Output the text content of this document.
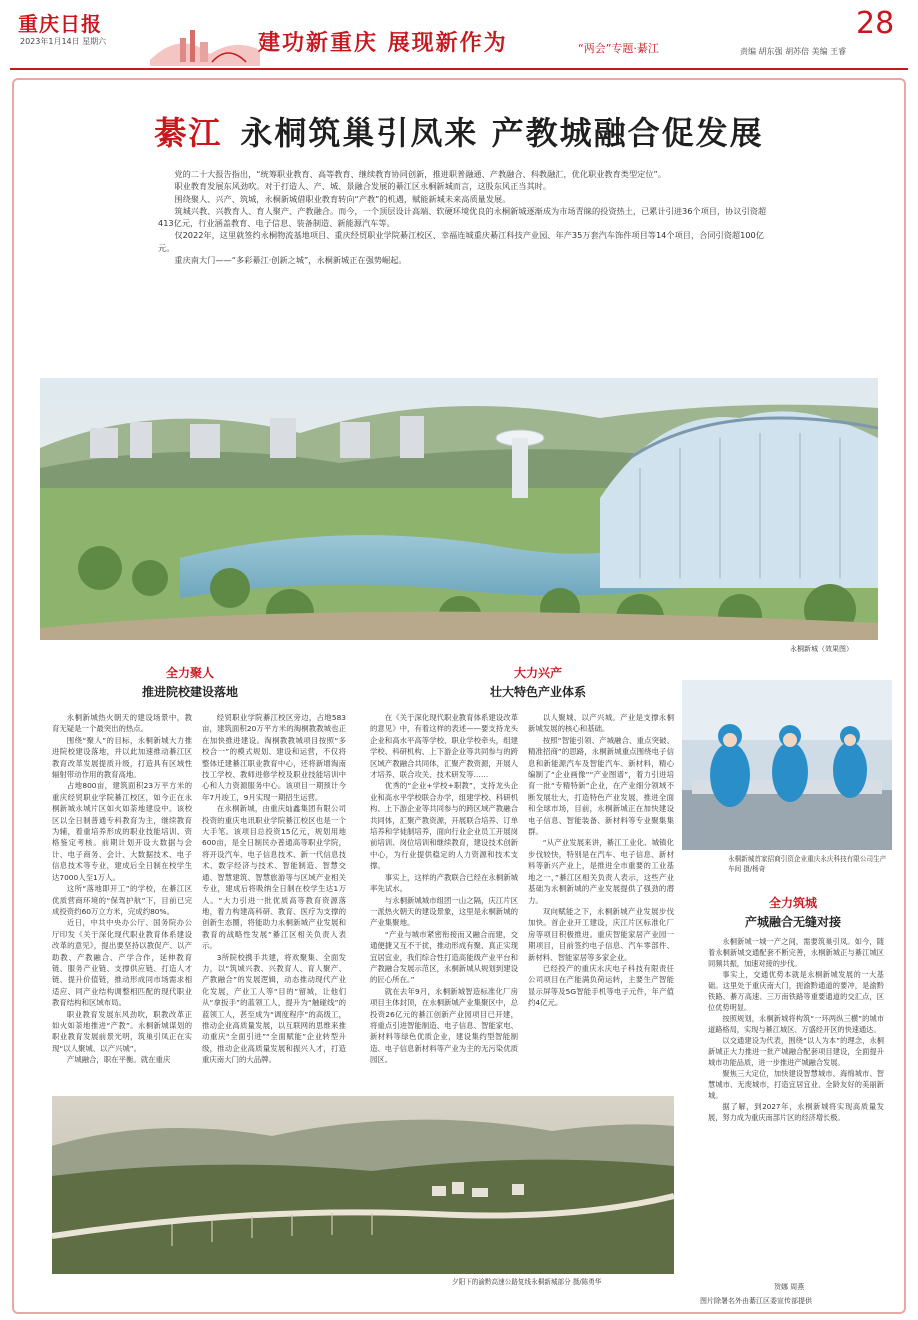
重庆日报
2023年1月14日 星期六	建功新重庆 展现新作为	“两会”专题·綦江
28
责编 胡东强 胡苏倍 美编 王睿
綦江 永桐筑巢引凤来 产教城融合促发展

党的二十大报告指出，“统筹职业教育、高等教育、继续教育协同创新，推进职普融通、产教融合、科教融汇，优化职业教育类型定位”。

职业教育发展东风劲吹。对于打造人、产、城、景融合发展的綦江区永桐新城而言，这股东风正当其时。

围绕聚人、兴产、筑城，永桐新城借职业教育转向“产教”的机遇，赋能新城未来高质量发展。

筑城兴教、兴教育人、育人聚产、产教融合。而今，一个顶层设计高端、软硬环境优良的永桐新城逐渐成为市场青睐的投资热土，已累计引进36个项目，协议引资超413亿元，行业涵盖教育、电子信息、装备制造、新能源汽车等。

仅2022年，这里就签约永桐物流基地项目、重庆经贸职业学院綦江校区、幸福连城重庆綦江科技产业园、年产35万套汽车饰件项目等14个项目，合同引资超100亿元。

重庆南大门——“多彩綦江·创新之城”，永桐新城正在强势崛起。

永桐新城（效果图）
全力聚人
推进院校建设落地
大力兴产
壮大特色产业体系
全力筑城
产城融合无缝对接

永桐新城热火朝天的建设场景中，教育无疑是一个最突出的热点。

围绕“聚人”的目标，永桐新城大力推进院校建设落地，并以此加速推动綦江区教育改革发展提质升级，打造具有区域性辐射带动作用的教育高地。

占地800亩，建筑面积23万平方米的重庆经贸职业学院綦江校区，如今正在永桐新城永城片区如火如荼地建设中。该校区以全日制普通专科教育为主，继续教育为辅，着重培养形成的职业技能培训、资格鉴定考核。前期计划开设大数据与会计、电子商务、会计、大数据技术、电子信息技术等专业，建成后全日制在校学生达7000人至1万人。

这所“落地即开工”的学校，在綦江区优质营商环境的“保驾护航”下，目前已完成投资约60万立方米，完成约80%。

近日，中共中央办公厅、国务院办公厅印发《关于深化现代职业教育体系建设改革的意见》，提出要坚持以教促产、以产助教、产教融合、产学合作，延伸教育链、服务产业链、支撑供应链、打造人才链、提升价值链，推动形成同市场需求相适应、同产业结构调整相匹配的现代职业教育结构和区域布局。

职业教育发展东风劲吹，职教改革正如火如荼地推进“产教”。永桐新城谋划的职业教育发展前景光明，筑巢引凤正在实现“以人聚城、以产兴城”。

产城融合，职在平衡。就在重庆

经贸职业学院綦江校区旁边，占地583亩，建筑面积20万平方米的淘桐教教城也正在加快推进建设。淘桐教教城项目按照“多校合一”的模式规划、建设和运营，不仅将整体迁建綦江职业教育中心，还将新增淘南技工学校、教师进修学校及职业技能培训中心和人力资源服务中心。该项目一期预计今年7月竣工，9月实现一期招生运营。

在永桐新城，由重庆灿鑫集团有限公司投资的重庆电讯职业学院綦江校区也是一个大手笔。该项目总投资15亿元，规划用地600亩，是全日制民办普通高等职业学院，将开设汽车、电子信息技术、新一代信息技术、数字经济与技术、智能制造、智慧交通、智慧建筑、智慧旅游等与区域产业相关专业，建成后将吸纳全日制在校学生达1万人。“大力引进一批优质高等教育资源落地，着力构建高科研、教育、医疗为支撑的创新生态圈，将能助力永桐新城产业发展和教育的战略性发展”綦江区相关负责人表示。

3所院校携手共建，将欢聚集、全面发力，以“筑城兴教、兴教育人、育人聚产、产教融合”的发展逻辑，动态推动现代产业化发展，产业工人等“目的”留城，让他们从“拿扳手”的蓝领工人，提升为“触碰线”的蓝领工人，甚至成为“调度程序”的高级工，推动企业高质量发展，以互联网的思维来推动重庆“全面引进”“全面赋能”企业转型升级，推动企业高质量发展和振兴人才，打造重庆南大门的大品牌。

在《关于深化现代职业教育体系建设改革的意见》中，有着这样的表述——要支持龙头企业和高水平高等学校、职业学校牵头，组建学校、科研机构、上下游企业等共同参与的跨区域产教融合共同体，汇聚产教资源，开展人才培养、联合攻关、技术研发等……

优秀的“企业+学校+职教”，支持龙头企业和高水平学校联合办学，组建学校、科研机构、上下游企业等共同参与的跨区域产教融合共同体，汇聚产教资源，开展联合培养、订单培养和学徒制培养，面向行业企业员工开展岗前培训、岗位培训和继续教育，建设技术创新中心，为行业提供稳定的人力资源和技术支撑。

事实上，这样的产教联合已经在永桐新城率先试水。

与永桐新城城市组团一山之隔，庆江片区一派热火朝天的建设景象，这里是永桐新城的产业集聚地。

“产业与城市紧密衔接而又融合而建，交通便捷又互不干扰，推动形成有聚、真正实现宜居宜业，我们综合性打造高能级产业平台和产教融合发展示范区，永桐新城从规划到建设的匠心所在。”

就在去年9月，永桐新城智造标准化厂房项目主体封顶，在永桐新城产业集聚区中，总投资26亿元的綦江创新产业园项目已开建，将重点引进智能制造、电子信息、智能家电、新材料等绿色优质企业，建设集约型智能制造、电子信息新材料等产业为主的无污染优质园区。

以人聚城、以产兴城。产业是支撑永桐新城发展的核心和基础。

按照“智能引领、产城融合、重点突破、精准招商”的思路，永桐新城重点围绕电子信息和新能源汽车及智能汽车、新材料，精心编制了“企业画像”“产业图谱”，着力引进培育一批“专精特新”企业，在产业细分领域不断发展壮大，打造特色产业发展，推进全面和全球市场，目前，永桐新城正在加快建设电子信息、智能装备、新材料等专业聚集集群。

“从产业发展来讲，綦江工业化、城镇化步伐较快，特别是在汽车、电子信息、新材料等新兴产业上，是推进全市重要的工业基地之一，”綦江区相关负责人表示，这些产业基础为永桐新城的产业发展提供了强劲的潜力。

双向赋能之下，永桐新城产业发展步伐加快。首企业开工建设，庆江片区标准化厂房等项目积极推进。重庆智能家居产业园一期项目，目前签约电子信息、汽车零部件、新材料、智能家居等多家企业。

已经投产的重庆永庆电子科技有限责任公司项目在产能满负荷运转，主要生产智能显示屏等及5G智能手机等电子元件，年产值约4亿元。

永桐新城首家招商引资企业重庆永庆科技有限公司生产车间 摄/杨奇

永桐新城一城一产之间，需要筑巢引凤。如今，随着永桐新城交通配套不断完善，永桐新城正与綦江城区同频共振，加速对接的步伐。

事实上，交通优势本就是永桐新城发展的一大基础。这里处于重庆南大门，扼渝黔通道的要冲，是渝黔铁路、綦万高速、三万南铁路等重要通道的交汇点，区位优势明显。

按照规划，永桐新城将构筑“一环两纵三横”的城市道路格局，实现与綦江城区、万盛经开区的快速通达。

以交通建设为代表，围绕“以人为本”的理念，永桐新城正大力推进一批产城融合配套项目建设，全面提升城市功能品质，进一步推进产城融合发展。

聚焦三大定位，加快建设智慧城市、海绵城市、智慧城市、无废城市，打造宜居宜业、全龄友好的美丽新城。

据了解，到2027年，永桐新城将实现高质量发展，努力成为重庆南部片区的经济增长极。

夕阳下的渝黔高速公路复线永桐新城部分 摄/陈勇华
贺娜 周燕
图片除署名外由綦江区委宣传部提供
